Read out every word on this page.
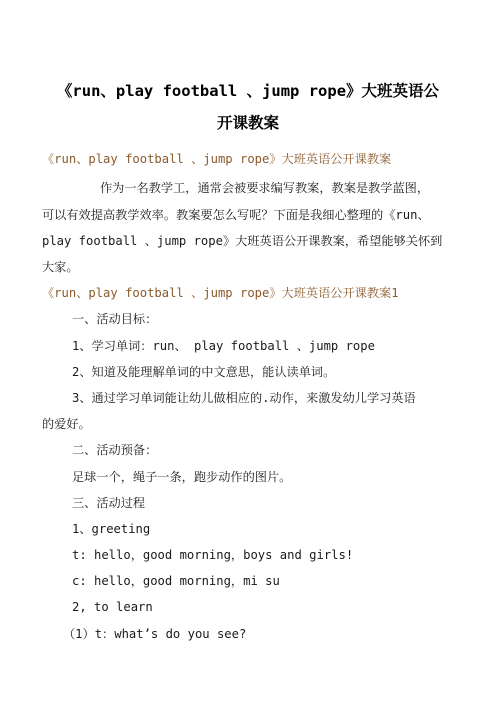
《run、play football 、jump rope》大班英语公
开课教案
《run、play football 、jump rope》大班英语公开课教案
作为一名教学工，通常会被要求编写教案，教案是教学蓝图，
可以有效提高教学效率。教案要怎么写呢？下面是我细心整理的《run、
play football 、jump rope》大班英语公开课教案，希望能够关怀到
大家。
《run、play football 、jump rope》大班英语公开课教案1
一、活动目标：
1、学习单词：run、 play football 、jump rope
2、知道及能理解单词的中文意思，能认读单词。
3、通过学习单词能让幼儿做相应的.动作，来激发幼儿学习英语
的爱好。
二、活动预备：
足球一个，绳子一条，跑步动作的图片。
三、活动过程
1、greeting
t: hello，good morning，boys and girls!
c: hello，good morning，mi su
2, to learn
（1）t：what’s do you see?
